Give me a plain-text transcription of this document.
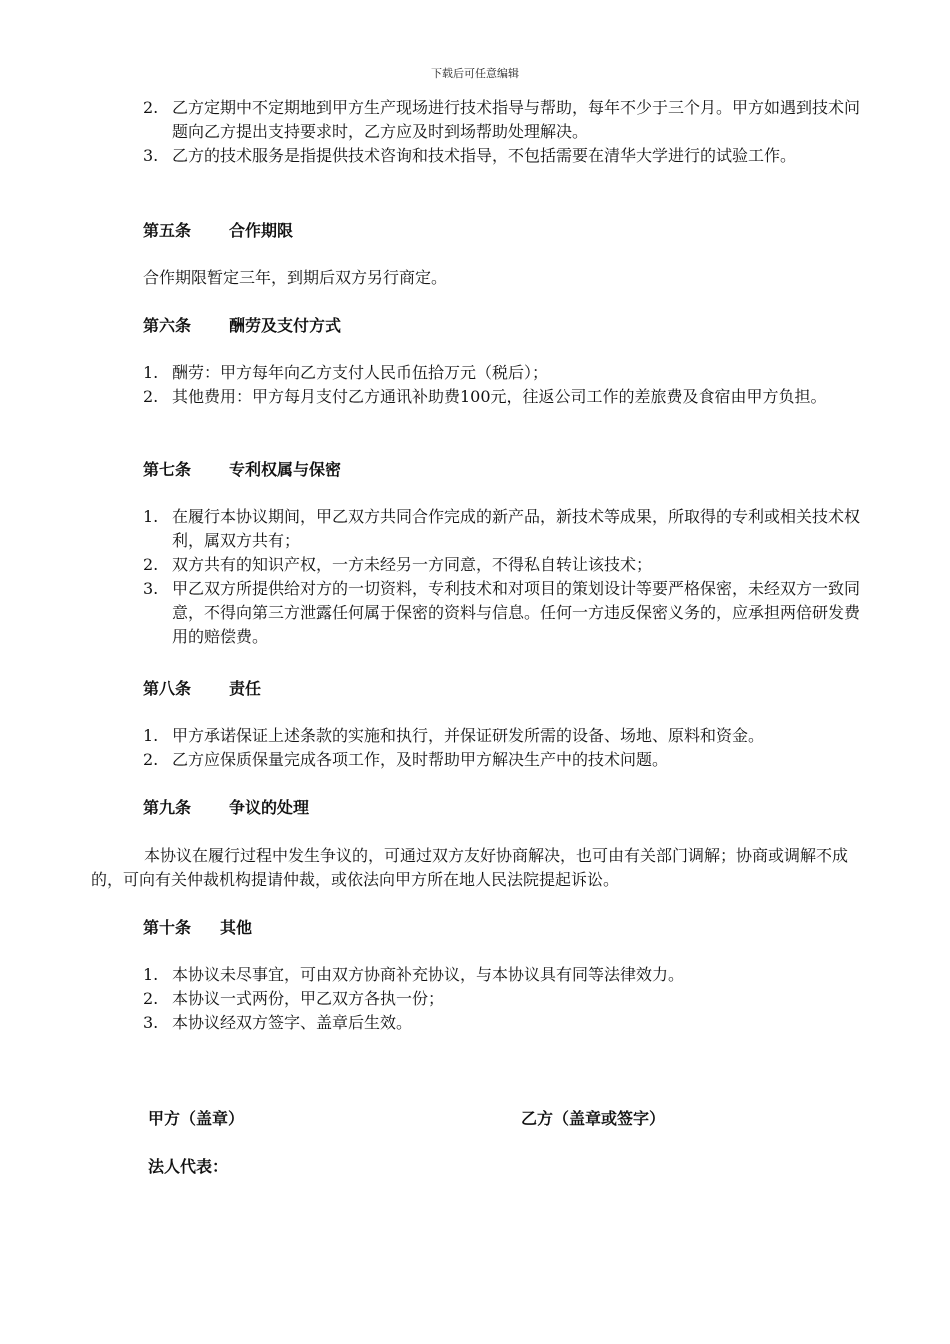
下载后可任意编辑
2. 乙方定期中不定期地到甲方生产现场进行技术指导与帮助，每年不少于三个月。甲方如遇到技术问题向乙方提出支持要求时，乙方应及时到场帮助处理解决。
3. 乙方的技术服务是指提供技术咨询和技术指导，不包括需要在清华大学进行的试验工作。
第五条 合作期限
合作期限暂定三年，到期后双方另行商定。
第六条 酬劳及支付方式
1. 酬劳：甲方每年向乙方支付人民币伍拾万元（税后）；
2. 其他费用：甲方每月支付乙方通讯补助费100元，往返公司工作的差旅费及食宿由甲方负担。
第七条 专利权属与保密
1. 在履行本协议期间，甲乙双方共同合作完成的新产品，新技术等成果，所取得的专利或相关技术权利，属双方共有；
2. 双方共有的知识产权，一方未经另一方同意，不得私自转让该技术；
3. 甲乙双方所提供给对方的一切资料，专利技术和对项目的策划设计等要严格保密，未经双方一致同意，不得向第三方泄露任何属于保密的资料与信息。任何一方违反保密义务的，应承担两倍研发费用的赔偿费。
第八条 责任
1. 甲方承诺保证上述条款的实施和执行，并保证研发所需的设备、场地、原料和资金。
2. 乙方应保质保量完成各项工作，及时帮助甲方解决生产中的技术问题。
第九条 争议的处理
本协议在履行过程中发生争议的，可通过双方友好协商解决，也可由有关部门调解；协商或调解不成的，可向有关仲裁机构提请仲裁，或依法向甲方所在地人民法院提起诉讼。
第十条 其他
1. 本协议未尽事宜，可由双方协商补充协议，与本协议具有同等法律效力。
2. 本协议一式两份，甲乙双方各执一份；
3. 本协议经双方签字、盖章后生效。
甲方（盖章）	乙方（盖章或签字）
法人代表：
